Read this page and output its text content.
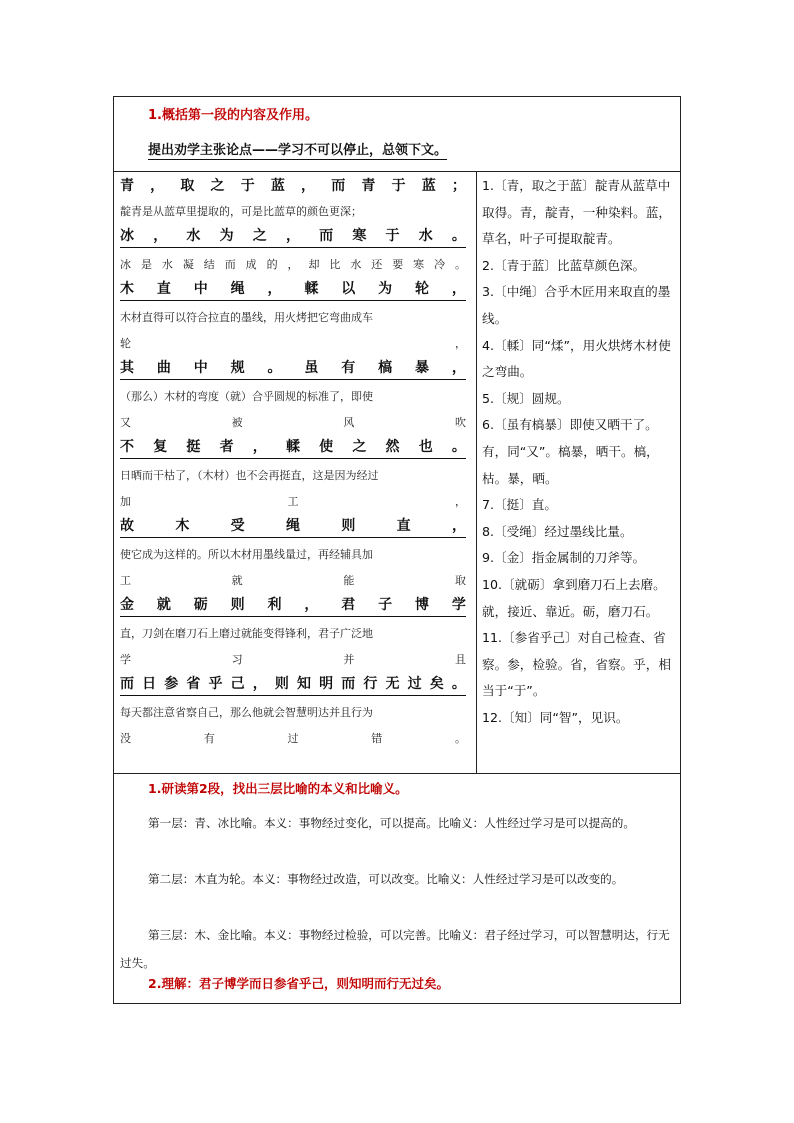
1.概括第一段的内容及作用。
提出劝学主张论点——学习不可以停止，总领下文。
青 ， 取 之 于 蓝 ， 而 青 于 蓝 ；
靛青是从蓝草里提取的，可是比蓝草的颜色更深；
冰 ， 水 为 之 ， 而 寒 于 水 。
冰 是 水 凝 结 而 成 的 ， 却 比 水 还 要 寒 冷 。
木 直 中 绳 ， 輮 以 为 轮 ，
木材直得可以符合拉直的墨线，用火烤把它弯曲成车
轮	，
其 曲 中 规 。 虽 有 槁 暴 ，
（那么）木材的弯度（就）合乎圆规的标准了，即使
又	被	风	吹
不 复 挺 者 ， 輮 使 之 然 也 。
日晒而干枯了，（木材）也不会再挺直，这是因为经过
加	工	，
故	木	受	绳	则	直	，
使它成为这样的。所以木材用墨线量过，再经辅具加
工	就	能	取
金 就 砺 则 利 ， 君 子 博 学
直，刀剑在磨刀石上磨过就能变得锋利，君子广泛地
学	习	并	且
而 日 参 省 乎 己 ， 则 知 明 而 行 无 过 矣 。
每天都注意省察自己，那么他就会智慧明达并且行为
没	有	过	错	。
1.〔青，取之于蓝〕靛青从蓝草中取得。青，靛青，一种染料。蓝，草名，叶子可提取靛青。
2.〔青于蓝〕比蓝草颜色深。
3.〔中绳〕合乎木匠用来取直的墨线。
4.〔輮〕同“煣”，用火烘烤木材使之弯曲。
5.〔规〕圆规。
6.〔虽有槁暴〕即使又晒干了。有，同“又”。槁暴，晒干。槁，枯。暴，晒。
7.〔挺〕直。
8.〔受绳〕经过墨线比量。
9.〔金〕指金属制的刀斧等。
10.〔就砺〕拿到磨刀石上去磨。就，接近、靠近。砺，磨刀石。
11.〔参省乎己〕对自己检查、省察。参，检验。省，省察。乎，相当于“于”。
12.〔知〕同“智”，见识。
1.研读第2段，找出三层比喻的本义和比喻义。
第一层：青、冰比喻。本义：事物经过变化，可以提高。比喻义：人性经过学习是可以提高的。
第二层：木直为轮。本义：事物经过改造，可以改变。比喻义：人性经过学习是可以改变的。
第三层：木、金比喻。本义：事物经过检验，可以完善。比喻义：君子经过学习，可以智慧明达，行无过失。
2.理解：君子博学而日参省乎己，则知明而行无过矣。
